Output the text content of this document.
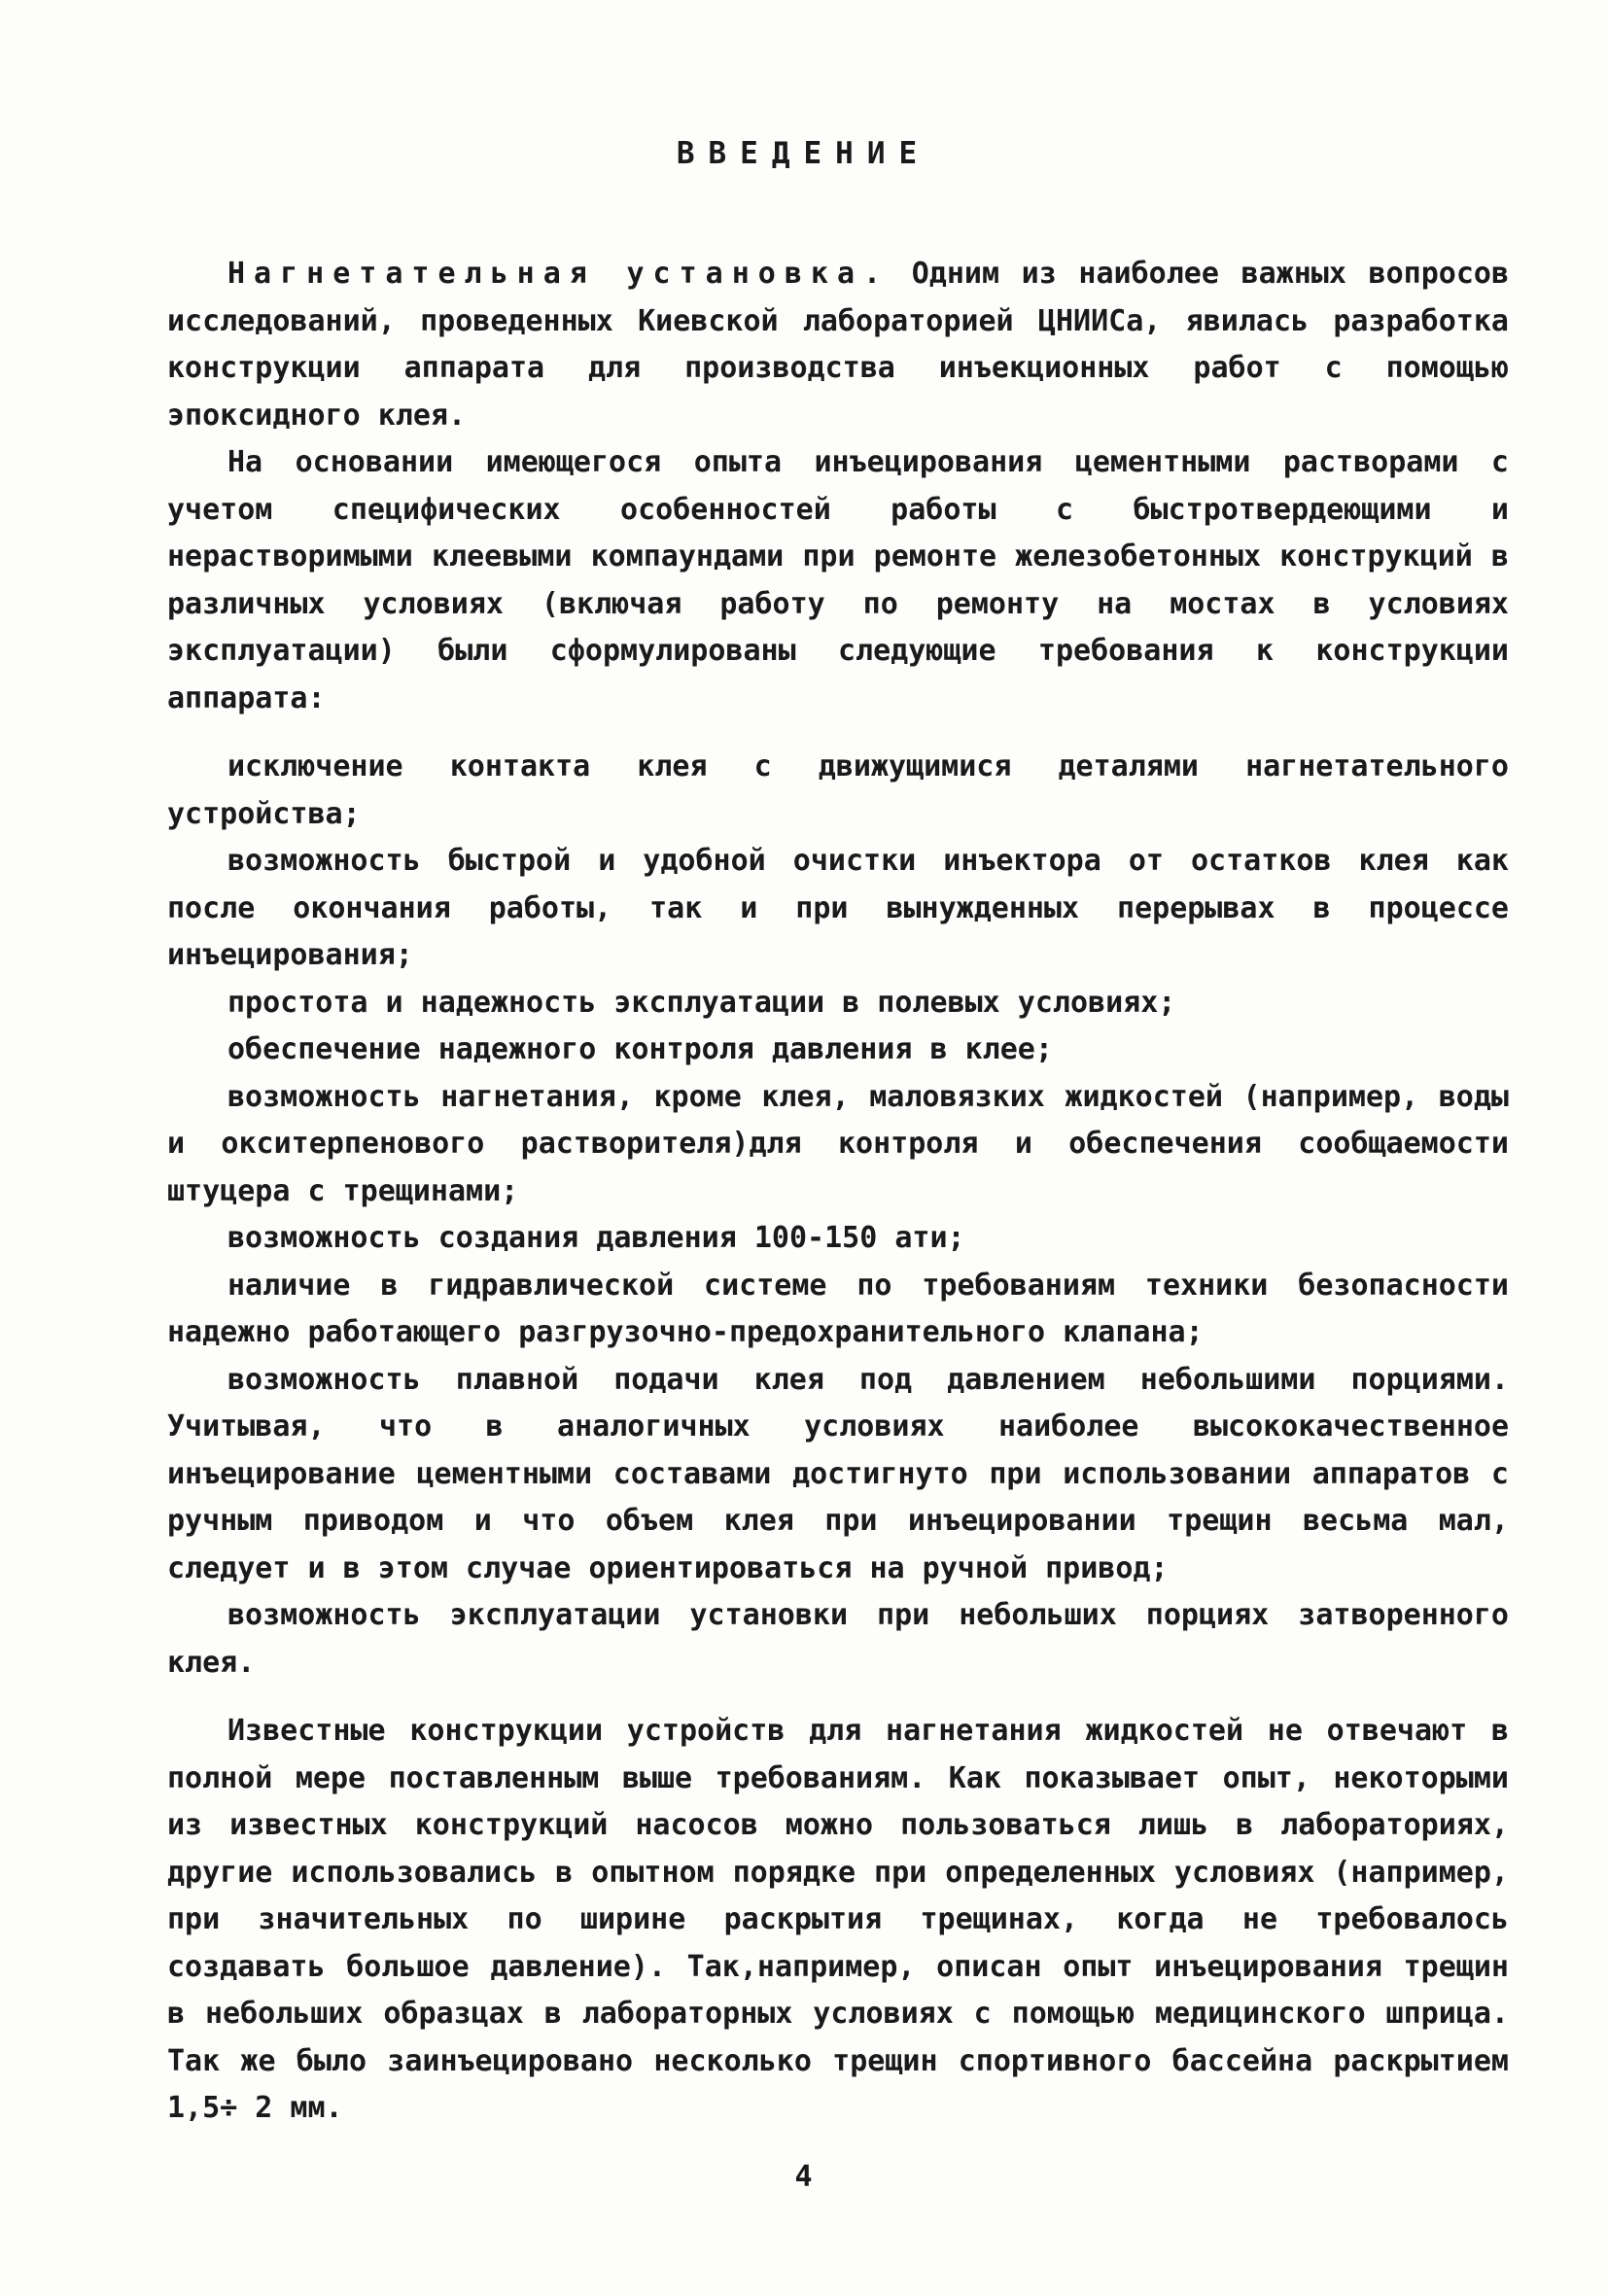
ВВЕДЕНИЕ

Нагнетательная установка. Одним из наиболее важных вопросов исследований, проведенных Киевской лабораторией ЦНИИСа, явилась разработка конструкции аппарата для производства инъекционных работ с помощью эпоксидного клея.

На основании имеющегося опыта инъецирования цементными растворами с учетом специфических особенностей работы с быстротвердеющими и нерастворимыми клеевыми компаундами при ремонте железобетонных конструкций в различных условиях (включая работу по ремонту на мостах в условиях эксплуатации) были сформулированы следующие требования к конструкции аппарата:

исключение контакта клея с движущимися деталями нагнетательного устройства;

возможность быстрой и удобной очистки инъектора от остатков клея как после окончания работы, так и при вынужденных перерывах в процессе инъецирования;

простота и надежность эксплуатации в полевых условиях;

обеспечение надежного контроля давления в клее;

возможность нагнетания, кроме клея, маловязких жидкостей (например, воды и окситерпенового растворителя)для контроля и обеспечения сообщаемости штуцера с трещинами;

возможность создания давления 100-150 ати;

наличие в гидравлической системе по требованиям техники безопасности надежно работающего разгрузочно-предохранительного клапана;

возможность плавной подачи клея под давлением небольшими порциями. Учитывая, что в аналогичных условиях наиболее высококачественное инъецирование цементными составами достигнуто при использовании аппаратов с ручным приводом и что объем клея при инъецировании трещин весьма мал, следует и в этом случае ориентироваться на ручной привод;

возможность эксплуатации установки при небольших порциях затворенного клея.

Известные конструкции устройств для нагнетания жидкостей не отвечают в полной мере поставленным выше требованиям. Как показывает опыт, некоторыми из известных конструкций насосов можно пользоваться лишь в лабораториях, другие использовались в опытном порядке при определенных условиях (например, при значительных по ширине раскрытия трещинах, когда не требовалось создавать большое давление). Так,например, описан опыт инъецирования трещин в небольших образцах в лабораторных условиях с помощью медицинского шприца. Так же было заинъецировано несколько трещин спортивного бассейна раскрытием 1,5÷ 2 мм.

4
